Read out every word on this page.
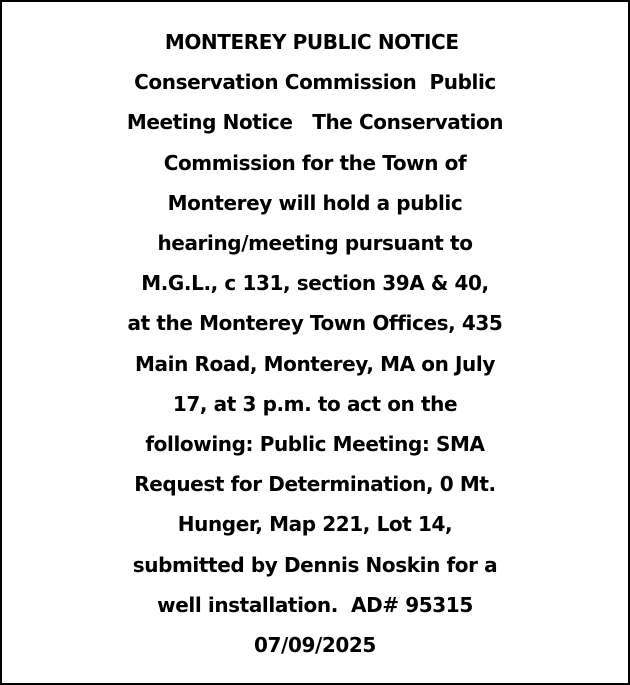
MONTEREY PUBLIC NOTICE
Conservation Commission  Public
Meeting Notice   The Conservation
Commission for the Town of
Monterey will hold a public
hearing/meeting pursuant to
M.G.L., c 131, section 39A & 40,
at the Monterey Town Offices, 435
Main Road, Monterey, MA on July
17, at 3 p.m. to act on the
following: Public Meeting: SMA
Request for Determination, 0 Mt.
Hunger, Map 221, Lot 14,
submitted by Dennis Noskin for a
well installation.  AD# 95315
07/09/2025
